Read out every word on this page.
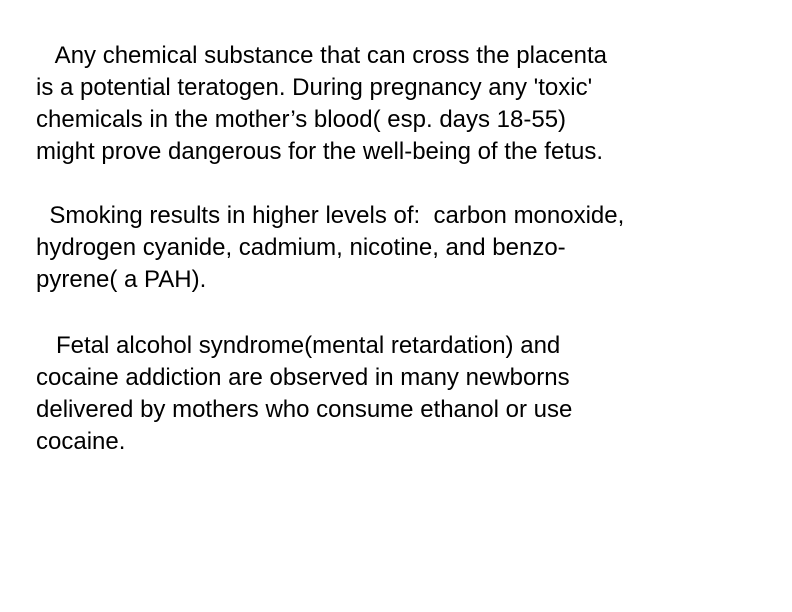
Any chemical substance that can cross the placenta
is a potential teratogen. During pregnancy any 'toxic'
chemicals in the mother’s blood( esp. days 18-55)
might prove dangerous for the well-being of the fetus.

Smoking results in higher levels of:  carbon monoxide,
hydrogen cyanide, cadmium, nicotine, and benzo-
pyrene( a PAH).

Fetal alcohol syndrome(mental retardation) and
cocaine addiction are observed in many newborns
delivered by mothers who consume ethanol or use
cocaine.
